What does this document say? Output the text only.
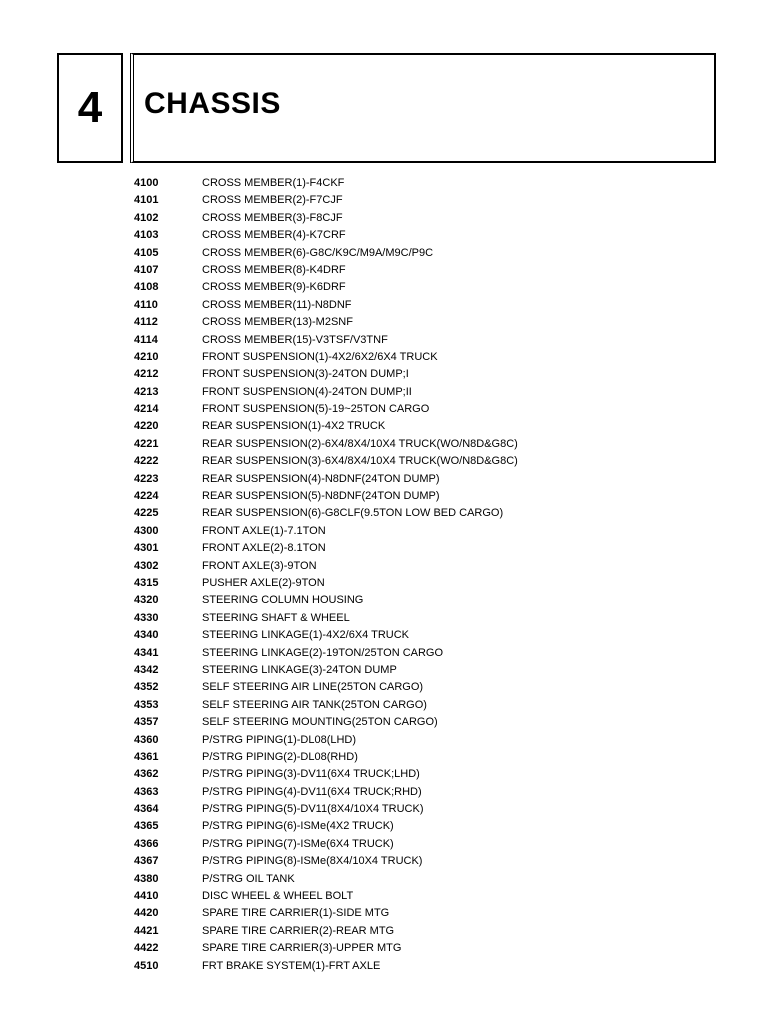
4 CHASSIS
4100	CROSS MEMBER(1)-F4CKF
4101	CROSS MEMBER(2)-F7CJF
4102	CROSS MEMBER(3)-F8CJF
4103	CROSS MEMBER(4)-K7CRF
4105	CROSS MEMBER(6)-G8C/K9C/M9A/M9C/P9C
4107	CROSS MEMBER(8)-K4DRF
4108	CROSS MEMBER(9)-K6DRF
4110	CROSS MEMBER(11)-N8DNF
4112	CROSS MEMBER(13)-M2SNF
4114	CROSS MEMBER(15)-V3TSF/V3TNF
4210	FRONT SUSPENSION(1)-4X2/6X2/6X4 TRUCK
4212	FRONT SUSPENSION(3)-24TON DUMP;I
4213	FRONT SUSPENSION(4)-24TON DUMP;II
4214	FRONT SUSPENSION(5)-19~25TON CARGO
4220	REAR SUSPENSION(1)-4X2 TRUCK
4221	REAR SUSPENSION(2)-6X4/8X4/10X4 TRUCK(WO/N8D&G8C)
4222	REAR SUSPENSION(3)-6X4/8X4/10X4 TRUCK(WO/N8D&G8C)
4223	REAR SUSPENSION(4)-N8DNF(24TON DUMP)
4224	REAR SUSPENSION(5)-N8DNF(24TON DUMP)
4225	REAR SUSPENSION(6)-G8CLF(9.5TON LOW BED CARGO)
4300	FRONT AXLE(1)-7.1TON
4301	FRONT AXLE(2)-8.1TON
4302	FRONT AXLE(3)-9TON
4315	PUSHER AXLE(2)-9TON
4320	STEERING COLUMN HOUSING
4330	STEERING SHAFT & WHEEL
4340	STEERING LINKAGE(1)-4X2/6X4 TRUCK
4341	STEERING LINKAGE(2)-19TON/25TON CARGO
4342	STEERING LINKAGE(3)-24TON DUMP
4352	SELF STEERING AIR LINE(25TON CARGO)
4353	SELF STEERING AIR TANK(25TON CARGO)
4357	SELF STEERING MOUNTING(25TON CARGO)
4360	P/STRG PIPING(1)-DL08(LHD)
4361	P/STRG PIPING(2)-DL08(RHD)
4362	P/STRG PIPING(3)-DV11(6X4 TRUCK;LHD)
4363	P/STRG PIPING(4)-DV11(6X4 TRUCK;RHD)
4364	P/STRG PIPING(5)-DV11(8X4/10X4 TRUCK)
4365	P/STRG PIPING(6)-ISMe(4X2 TRUCK)
4366	P/STRG PIPING(7)-ISMe(6X4 TRUCK)
4367	P/STRG PIPING(8)-ISMe(8X4/10X4 TRUCK)
4380	P/STRG OIL TANK
4410	DISC WHEEL & WHEEL BOLT
4420	SPARE TIRE CARRIER(1)-SIDE MTG
4421	SPARE TIRE CARRIER(2)-REAR MTG
4422	SPARE TIRE CARRIER(3)-UPPER MTG
4510	FRT BRAKE SYSTEM(1)-FRT AXLE
